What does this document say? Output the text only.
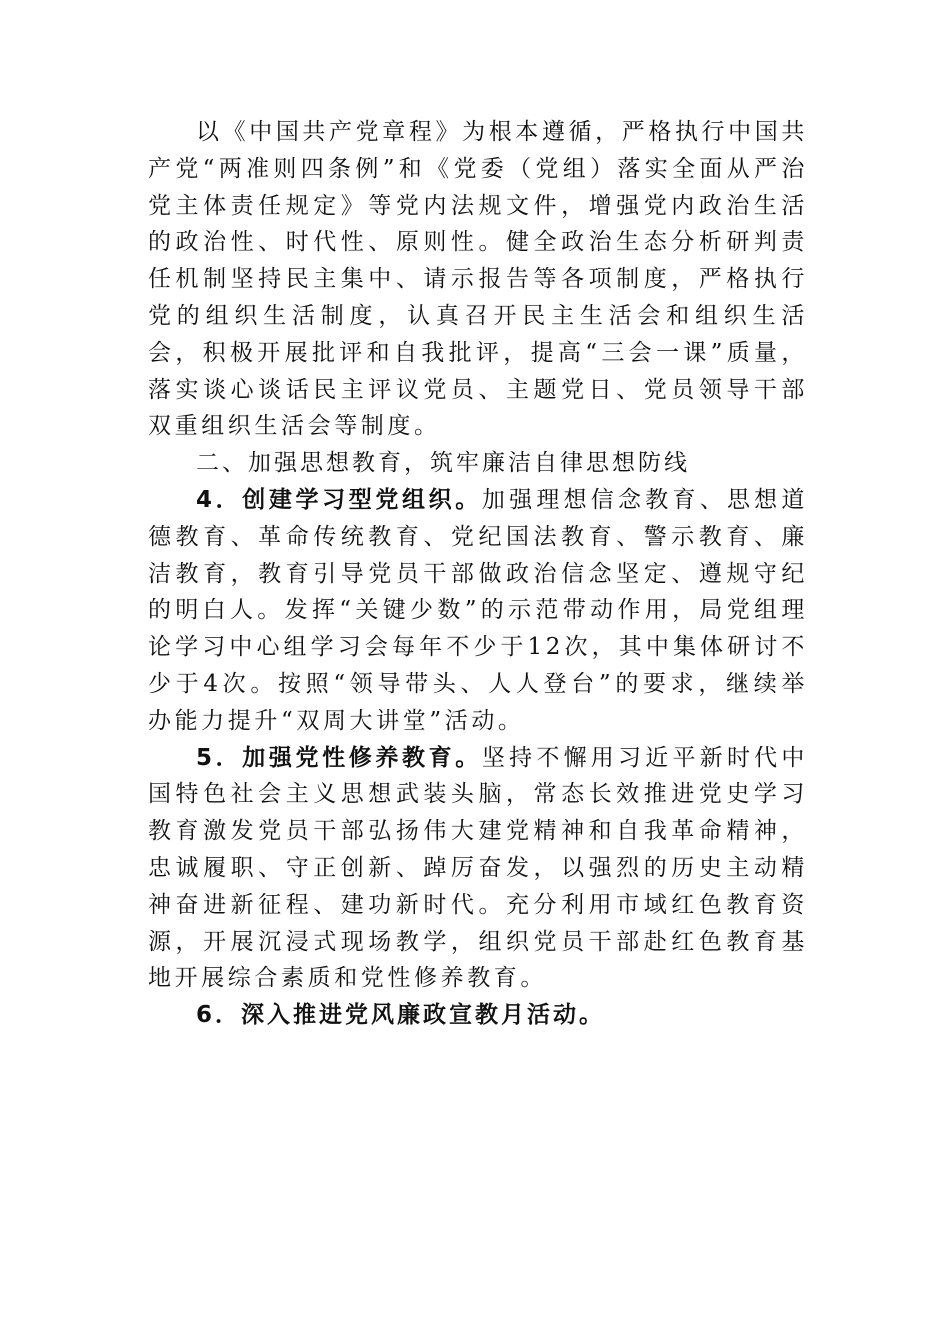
以《中国共产党章程》为根本遵循，严格执行中国共产党“两准则四条例”和《党委（党组）落实全面从严治党主体责任规定》等党内法规文件，增强党内政治生活的政治性、时代性、原则性。健全政治生态分析研判责任机制坚持民主集中、请示报告等各项制度，严格执行党的组织生活制度，认真召开民主生活会和组织生活会，积极开展批评和自我批评，提高“三会一课”质量，落实谈心谈话民主评议党员、主题党日、党员领导干部双重组织生活会等制度。

二、加强思想教育，筑牢廉洁自律思想防线

4．创建学习型党组织。加强理想信念教育、思想道德教育、革命传统教育、党纪国法教育、警示教育、廉洁教育，教育引导党员干部做政治信念坚定、遵规守纪的明白人。发挥“关键少数”的示范带动作用，局党组理论学习中心组学习会每年不少于12次，其中集体研讨不少于4次。按照“领导带头、人人登台”的要求，继续举办能力提升“双周大讲堂”活动。

5．加强党性修养教育。坚持不懈用习近平新时代中国特色社会主义思想武装头脑，常态长效推进党史学习教育激发党员干部弘扬伟大建党精神和自我革命精神，忠诚履职、守正创新、踔厉奋发，以强烈的历史主动精神奋进新征程、建功新时代。充分利用市域红色教育资源，开展沉浸式现场教学，组织党员干部赴红色教育基地开展综合素质和党性修养教育。

6．深入推进党风廉政宣教月活动。
